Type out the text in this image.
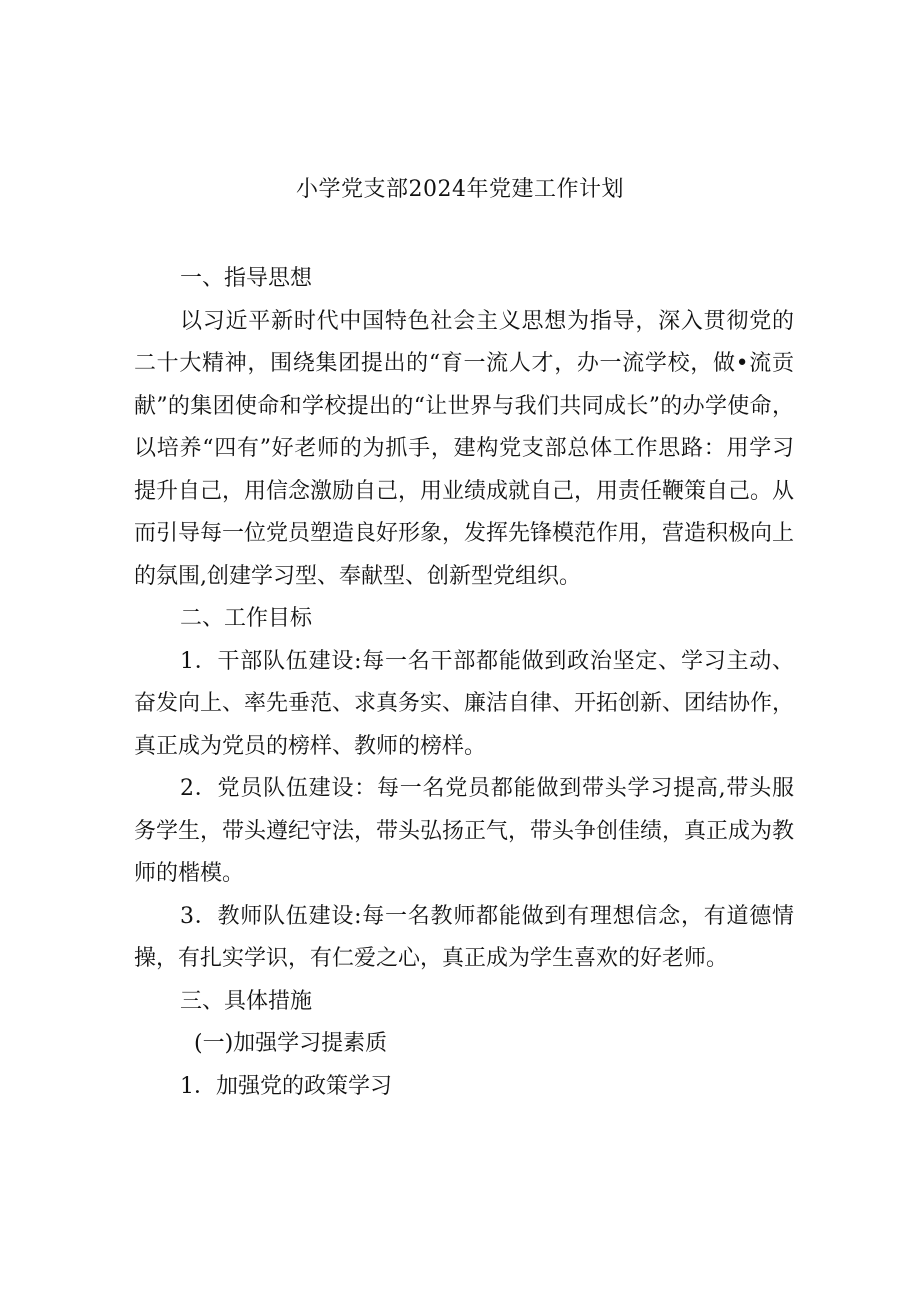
小学党支部2024年党建工作计划

一、指导思想

以习近平新时代中国特色社会主义思想为指导，深入贯彻党的二十大精神，围绕集团提出的“育一流人才，办一流学校，做•流贡献”的集团使命和学校提出的“让世界与我们共同成长”的办学使命，以培养“四有”好老师的为抓手，建构党支部总体工作思路：用学习提升自己，用信念激励自己，用业绩成就自己，用责任鞭策自己。从而引导每一位党员塑造良好形象，发挥先锋模范作用，营造积极向上的氛围,创建学习型、奉献型、创新型党组织。

二、工作目标

1．干部队伍建设:每一名干部都能做到政治坚定、学习主动、奋发向上、率先垂范、求真务实、廉洁自律、开拓创新、团结协作，真正成为党员的榜样、教师的榜样。

2．党员队伍建设：每一名党员都能做到带头学习提高,带头服务学生，带头遵纪守法，带头弘扬正气，带头争创佳绩，真正成为教师的楷模。

3．教师队伍建设:每一名教师都能做到有理想信念，有道德情操，有扎实学识，有仁爱之心，真正成为学生喜欢的好老师。

三、具体措施

(一)加强学习提素质

1．加强党的政策学习
